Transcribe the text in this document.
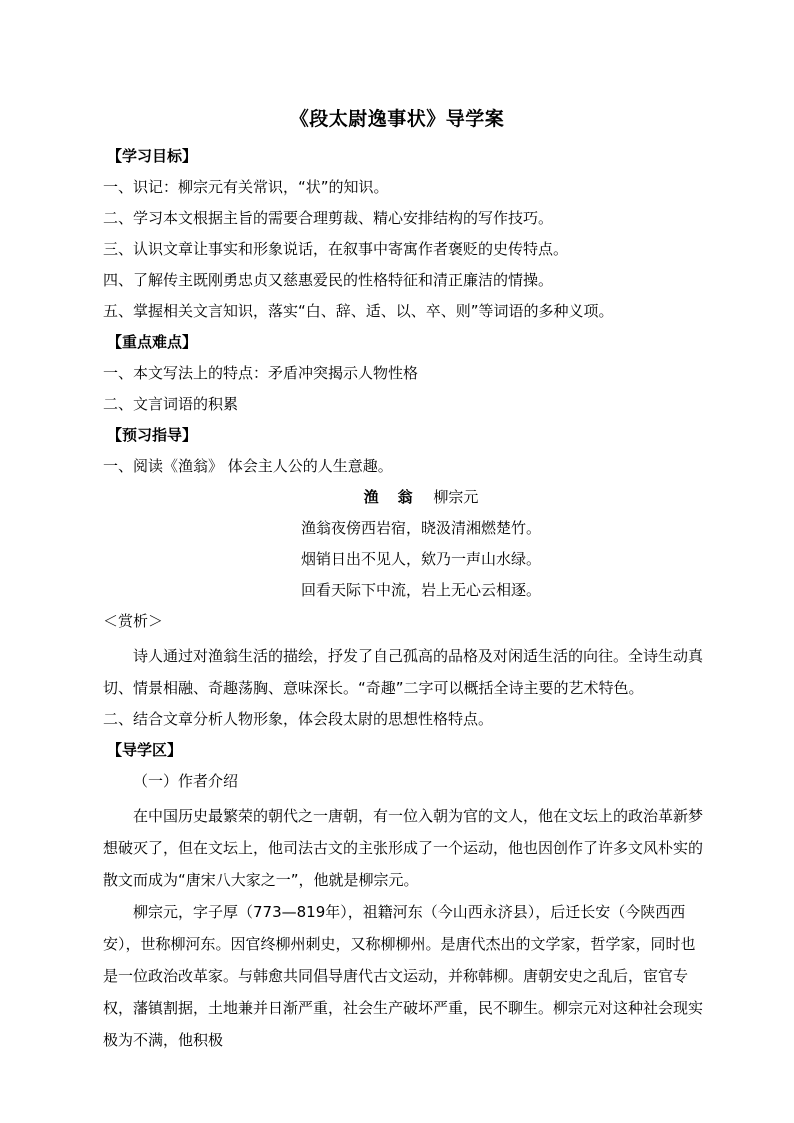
《段太尉逸事状》导学案
【学习目标】
一、识记：柳宗元有关常识，“状”的知识。
二、学习本文根据主旨的需要合理剪裁、精心安排结构的写作技巧。
三、认识文章让事实和形象说话，在叙事中寄寓作者褒贬的史传特点。
四、了解传主既刚勇忠贞又慈惠爱民的性格特征和清正廉洁的情操。
五、掌握相关文言知识，落实“白、辞、适、以、卒、则”等词语的多种义项。
【重点难点】
一、本文写法上的特点：矛盾冲突揭示人物性格
二、文言词语的积累
【预习指导】
一、阅读《渔翁》 体会主人公的人生意趣。
渔　翁 柳宗元
渔翁夜傍西岩宿，晓汲清湘燃楚竹。
烟销日出不见人，欸乃一声山水绿。
回看天际下中流，岩上无心云相逐。
＜赏析＞

诗人通过对渔翁生活的描绘，抒发了自己孤高的品格及对闲适生活的向往。全诗生动真切、情景相融、奇趣荡胸、意味深长。“奇趣”二字可以概括全诗主要的艺术特色。

二、结合文章分析人物形象，体会段太尉的思想性格特点。
【导学区】
（一）作者介绍

在中国历史最繁荣的朝代之一唐朝，有一位入朝为官的文人，他在文坛上的政治革新梦想破灭了，但在文坛上，他司法古文的主张形成了一个运动，他也因创作了许多文风朴实的散文而成为“唐宋八大家之一”，他就是柳宗元。

柳宗元，字子厚（773—819年），祖籍河东（今山西永济县），后迁长安（今陕西西安），世称柳河东。因官终柳州刺史，又称柳柳州。是唐代杰出的文学家，哲学家，同时也是一位政治改革家。与韩愈共同倡导唐代古文运动，并称韩柳。唐朝安史之乱后，宦官专权，藩镇割据，土地兼并日渐严重，社会生产破坏严重，民不聊生。柳宗元对这种社会现实极为不满，他积极
